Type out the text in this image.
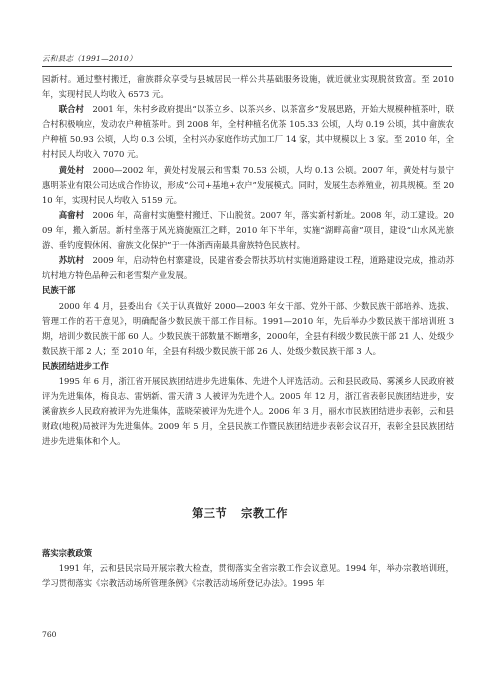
云和县志（1991—2010）

园新村。通过整村搬迁，畲族群众享受与县城居民一样公共基础服务设施，就近就业实现脱贫致富。至 2010 年，实现村民人均收入 6573 元。

联合村　 2001 年，朱村乡政府提出“以茶立乡、以茶兴乡、以茶富乡”发展思路，开始大规模种植茶叶，联合村积极响应，发动农户种植茶叶。到 2008 年，全村种植名优茶 105.33 公顷，人均 0.19 公顷，其中畲族农户种植 50.93 公顷，人均 0.3 公顷，全村兴办家庭作坊式加工厂 14 家，其中规模以上 3 家。至 2010 年，全村村民人均收入 7070 元。

黄处村　 2000—2002 年，黄处村发展云和雪梨 70.53 公顷，人均 0.13 公顷。2007 年，黄处村与景宁惠明茶业有限公司达成合作协议，形成“公司+基地+农户”发展模式。同时，发展生态养殖业，初具规模。至 2010 年，实现村民人均收入 5159 元。

高畲村　 2006 年，高畲村实施整村搬迁、下山脱贫。2007 年，落实新村新址。2008 年，动工建设。2009 年，搬入新居。新村坐落于风光旖旎瓯江之畔，2010 年下半年，实施“湖畔高畲”项目，建设“山水风光旅游、垂钓度假休闲、畲族文化保护”于一体浙西南最具畲族特色民族村。

苏坑村　 2009 年，启动特色村寨建设，民建省委会帮扶苏坑村实施道路建设工程，道路建设完成，推动苏坑村地方特色品种云和老雪梨产业发展。

民族干部

2000 年 4 月，县委出台《关于认真做好 2000—2003 年女干部、党外干部、少数民族干部培养、选拔、管理工作的若干意见》，明确配备少数民族干部工作目标。1991—2010 年，先后举办少数民族干部培训班 3 期，培训少数民族干部 60 人。少数民族干部数量不断增多，2000年，全县有科级少数民族干部 21 人、处级少数民族干部 2 人；至 2010 年，全县有科级少数民族干部 26 人、处级少数民族干部 3 人。

民族团结进步工作

1995 年 6 月，浙江省开展民族团结进步先进集体、先进个人评选活动。云和县民政局、雾溪乡人民政府被评为先进集体，梅良志、雷炳新、雷天清 3 人被评为先进个人。2005 年 12 月，浙江省表彰民族团结进步，安溪畲族乡人民政府被评为先进集体，蓝晓荣被评为先进个人。2006 年 3 月，丽水市民族团结进步表彰，云和县财政(地税)局被评为先进集体。2009 年 5 月，全县民族工作暨民族团结进步表彰会议召开，表彰全县民族团结进步先进集体和个人。

第三节 宗教工作

落实宗教政策

1991 年，云和县民宗局开展宗教大检查，贯彻落实全省宗教工作会议意见。1994 年，举办宗教培训班，学习贯彻落实《宗教活动场所管理条例》《宗教活动场所登记办法》。1995 年

760
